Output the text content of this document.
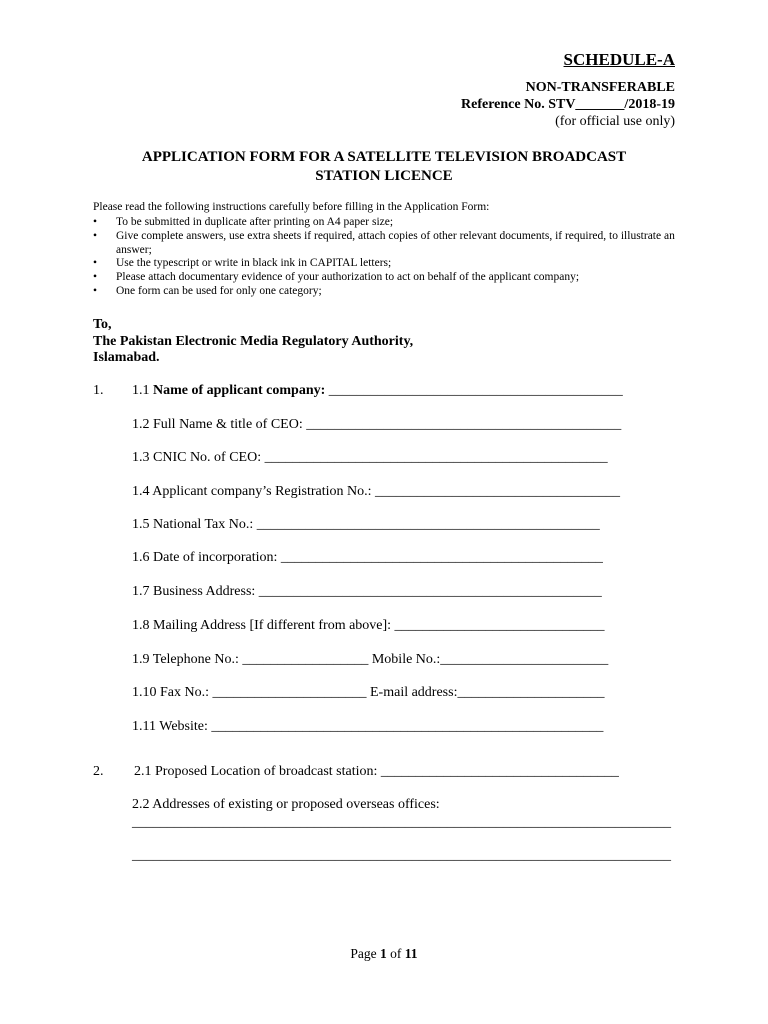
SCHEDULE-A
NON-TRANSFERABLE
Reference No. STV_______/2018-19
(for official use only)
APPLICATION FORM FOR A SATELLITE TELEVISION BROADCAST
STATION LICENCE
Please read the following instructions carefully before filling in the Application Form:
• To be submitted in duplicate after printing on A4 paper size;
• Give complete answers, use extra sheets if required, attach copies of other relevant documents, if required, to illustrate an answer;
• Use the typescript or write in black ink in CAPITAL letters;
• Please attach documentary evidence of your authorization to act on behalf of the applicant company;
• One form can be used for only one category;
To,
The Pakistan Electronic Media Regulatory Authority,
Islamabad.
1. 1.1 Name of applicant company: __________________________________________
1.2 Full Name & title of CEO: _____________________________________________
1.3 CNIC No. of CEO: _________________________________________________
1.4 Applicant company’s Registration No.: ___________________________________
1.5 National Tax No.: _________________________________________________
1.6 Date of incorporation: ______________________________________________
1.7 Business Address: _________________________________________________
1.8 Mailing Address [If different from above]: ______________________________
1.9 Telephone No.: __________________ Mobile No.:________________________
1.10 Fax No.: ______________________ E-mail address:_____________________
1.11 Website: ________________________________________________________
2. 2.1 Proposed Location of broadcast station: __________________________________
2.2 Addresses of existing or proposed overseas offices:
_____________________________________________________________________________
_____________________________________________________________________________
Page 1 of 11
